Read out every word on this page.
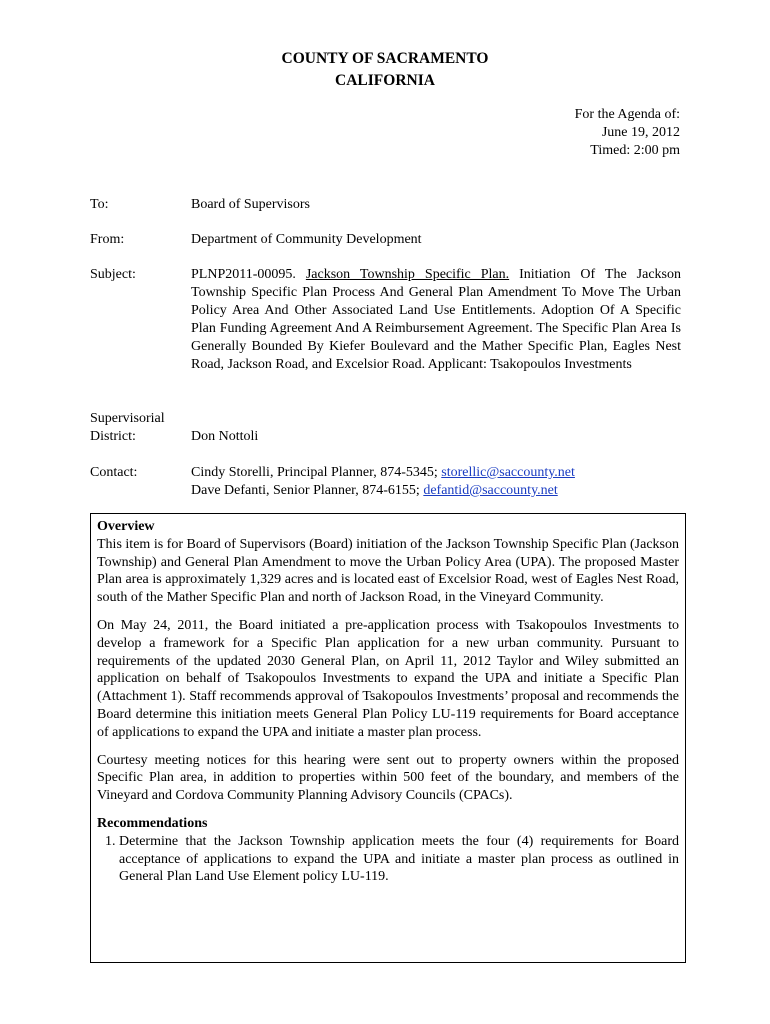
COUNTY OF SACRAMENTO
CALIFORNIA
For the Agenda of:
June 19, 2012
Timed: 2:00 pm
To:	Board of Supervisors
From:	Department of Community Development
Subject:	PLNP2011-00095. Jackson Township Specific Plan. Initiation Of The Jackson Township Specific Plan Process And General Plan Amendment To Move The Urban Policy Area And Other Associated Land Use Entitlements. Adoption Of A Specific Plan Funding Agreement And A Reimbursement Agreement. The Specific Plan Area Is Generally Bounded By Kiefer Boulevard and the Mather Specific Plan, Eagles Nest Road, Jackson Road, and Excelsior Road. Applicant: Tsakopoulos Investments
Supervisorial
District:	Don Nottoli
Contact:	Cindy Storelli, Principal Planner, 874-5345; storellic@saccounty.net
Dave Defanti, Senior Planner, 874-6155; defantid@saccounty.net
Overview

This item is for Board of Supervisors (Board) initiation of the Jackson Township Specific Plan (Jackson Township) and General Plan Amendment to move the Urban Policy Area (UPA). The proposed Master Plan area is approximately 1,329 acres and is located east of Excelsior Road, west of Eagles Nest Road, south of the Mather Specific Plan and north of Jackson Road, in the Vineyard Community.

On May 24, 2011, the Board initiated a pre-application process with Tsakopoulos Investments to develop a framework for a Specific Plan application for a new urban community. Pursuant to requirements of the updated 2030 General Plan, on April 11, 2012 Taylor and Wiley submitted an application on behalf of Tsakopoulos Investments to expand the UPA and initiate a Specific Plan (Attachment 1). Staff recommends approval of Tsakopoulos Investments’ proposal and recommends the Board determine this initiation meets General Plan Policy LU-119 requirements for Board acceptance of applications to expand the UPA and initiate a master plan process.

Courtesy meeting notices for this hearing were sent out to property owners within the proposed Specific Plan area, in addition to properties within 500 feet of the boundary, and members of the Vineyard and Cordova Community Planning Advisory Councils (CPACs).

Recommendations
1. Determine that the Jackson Township application meets the four (4) requirements for Board acceptance of applications to expand the UPA and initiate a master plan process as outlined in General Plan Land Use Element policy LU-119.
